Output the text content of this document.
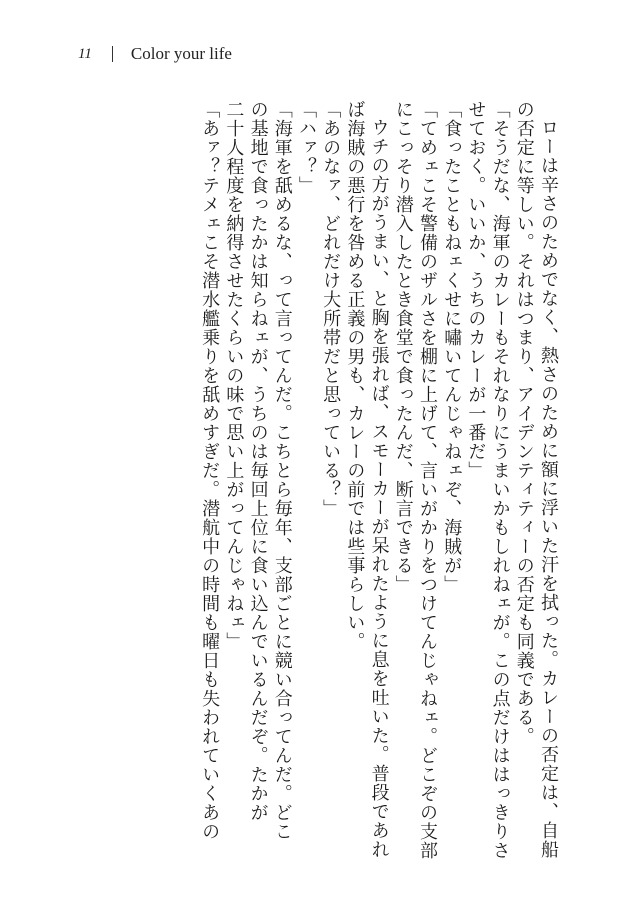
11 Color your life

ローは辛さのためでなく、熱さのために額に浮いた汗を拭った。カレーの否定は、自船

の否定に等しい。それはつまり、アイデンティティーの否定も同義である。

「そうだな、海軍のカレーもそれなりにうまいかもしれねェが。この点だけははっきりさ

せておく。いいか、うちのカレーが一番だ」

「食ったこともねェくせに嘯いてんじゃねェぞ、海賊が」

「てめェこそ警備のザルさを棚に上げて、言いがかりをつけてんじゃねェ。どこぞの支部

にこっそり潜入したとき食堂で食ったんだ、断言できる」

ウチの方がうまい、と胸を張れば、スモーカーが呆れたように息を吐いた。普段であれ

ば海賊の悪行を咎める正義の男も、カレーの前では些事らしい。

「あのなァ、どれだけ大所帯だと思っている？」

「ハァ？」

「海軍を舐めるな、って言ってんだ。こちとら毎年、支部ごとに競い合ってんだ。どこ

の基地で食ったかは知らねェが、うちのは毎回上位に食い込んでいるんだぞ。たかが

二十人程度を納得させたくらいの味で思い上がってんじゃねェ」

「あァ？テメェこそ潜水艦乗りを舐めすぎだ。潜航中の時間も曜日も失われていくあの
